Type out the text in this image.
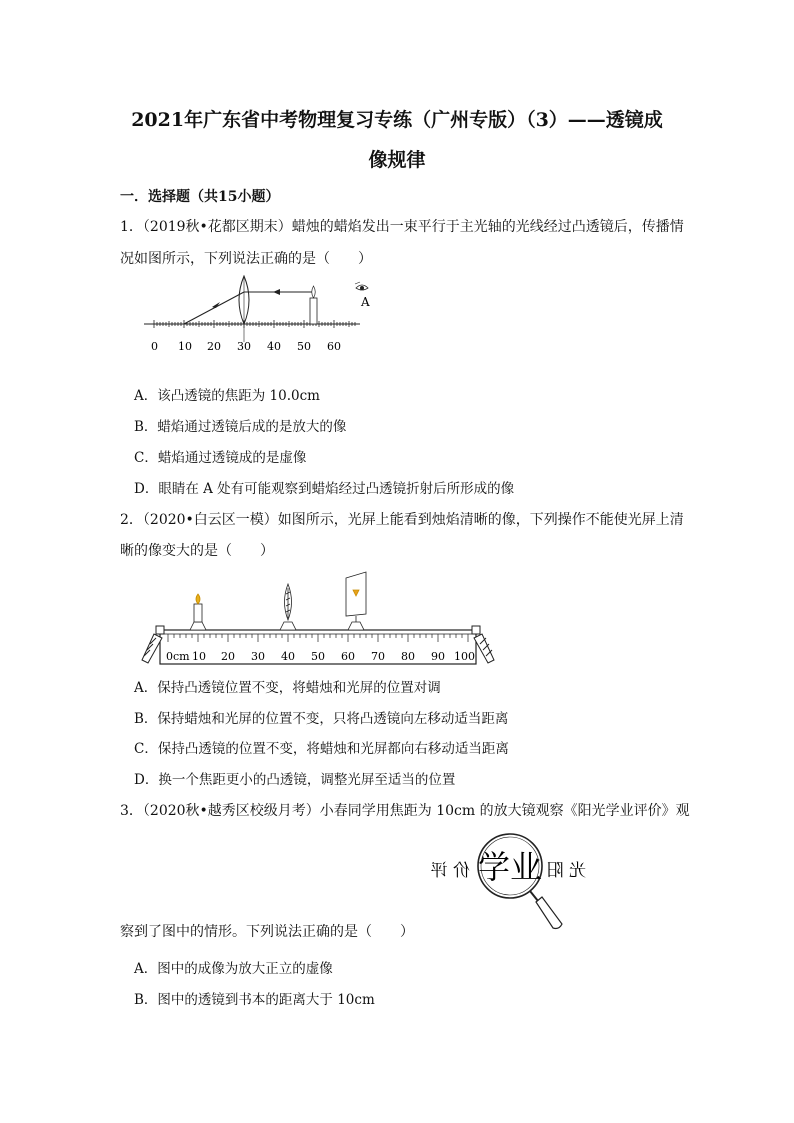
2021年广东省中考物理复习专练（广州专版）（3）——透镜成
像规律
一．选择题（共15小题）
1．（2019秋•花都区期末）蜡烛的蜡焰发出一束平行于主光轴的光线经过凸透镜后，传播情
况如图所示，下列说法正确的是（　　）
A
0 10 20 30 40 50 60
A．该凸透镜的焦距为 10.0cm
B．蜡焰通过透镜后成的是放大的像
C．蜡焰通过透镜成的是虚像
D．眼睛在 A 处有可能观察到蜡焰经过凸透镜折射后所形成的像
2．（2020•白云区一模）如图所示，光屏上能看到烛焰清晰的像，下列操作不能使光屏上清
晰的像变大的是（　　）
0cm 10 20 30 40 50 60 70 80 90 100
A．保持凸透镜位置不变，将蜡烛和光屏的位置对调
B．保持蜡烛和光屏的位置不变，只将凸透镜向左移动适当距离
C．保持凸透镜的位置不变，将蜡烛和光屏都向右移动适当距离
D．换一个焦距更小的凸透镜，调整光屏至适当的位置
3．（2020秋•越秀区校级月考）小春同学用焦距为 10cm 的放大镜观察《阳光学业评价》观
光 阳
价 评 学业
察到了图中的情形。下列说法正确的是（　　）
A．图中的成像为放大正立的虚像
B．图中的透镜到书本的距离大于 10cm
